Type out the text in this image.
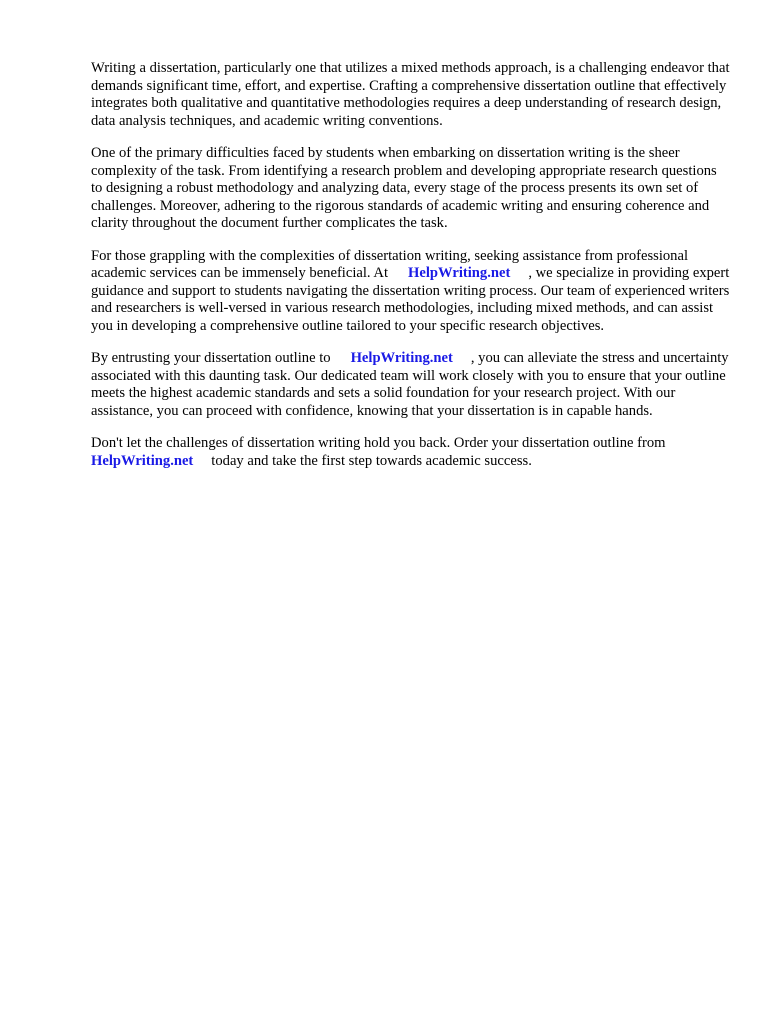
Writing a dissertation, particularly one that utilizes a mixed methods approach, is a challenging endeavor that demands significant time, effort, and expertise. Crafting a comprehensive dissertation outline that effectively integrates both qualitative and quantitative methodologies requires a deep understanding of research design, data analysis techniques, and academic writing conventions.

One of the primary difficulties faced by students when embarking on dissertation writing is the sheer complexity of the task. From identifying a research problem and developing appropriate research questions to designing a robust methodology and analyzing data, every stage of the process presents its own set of challenges. Moreover, adhering to the rigorous standards of academic writing and ensuring coherence and clarity throughout the document further complicates the task.

For those grappling with the complexities of dissertation writing, seeking assistance from professional academic services can be immensely beneficial. At HelpWriting.net , we specialize in providing expert guidance and support to students navigating the dissertation writing process. Our team of experienced writers and researchers is well-versed in various research methodologies, including mixed methods, and can assist you in developing a comprehensive outline tailored to your specific research objectives.

By entrusting your dissertation outline to HelpWriting.net , you can alleviate the stress and uncertainty associated with this daunting task. Our dedicated team will work closely with you to ensure that your outline meets the highest academic standards and sets a solid foundation for your research project. With our assistance, you can proceed with confidence, knowing that your dissertation is in capable hands.

Don't let the challenges of dissertation writing hold you back. Order your dissertation outline from HelpWriting.net today and take the first step towards academic success.
